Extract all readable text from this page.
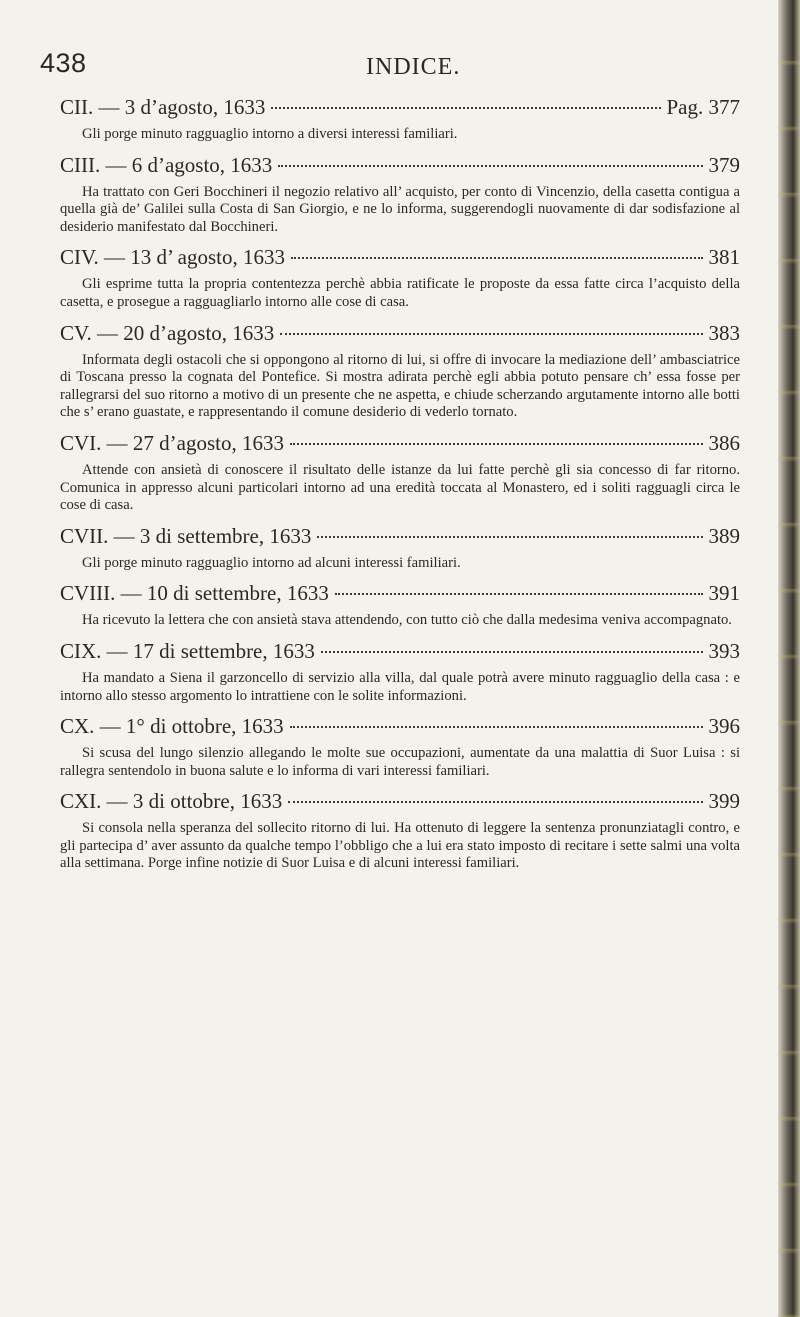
438	INDICE.
CII. — 3 d’agosto, 1633	Pag. 377

Gli porge minuto ragguaglio intorno a diversi interessi familiari.

CIII. — 6 d’agosto, 1633	379

Ha trattato con Geri Bocchineri il negozio relativo all’ acquisto, per conto di Vincenzio, della casetta contigua a quella già de’ Galilei sulla Costa di San Giorgio, e ne lo informa, suggerendogli nuovamente di dar sodisfazione al desiderio manifestato dal Bocchineri.

CIV. — 13 d’ agosto, 1633	381

Gli esprime tutta la propria contentezza perchè abbia ratificate le proposte da essa fatte circa l’acquisto della casetta, e prosegue a ragguagliarlo intorno alle cose di casa.

CV. — 20 d’agosto, 1633	383

Informata degli ostacoli che si oppongono al ritorno di lui, si offre di invocare la mediazione dell’ ambasciatrice di Toscana presso la cognata del Pontefice. Si mostra adirata perchè egli abbia potuto pensare ch’ essa fosse per rallegrarsi del suo ritorno a motivo di un presente che ne aspetta, e chiude scherzando argutamente intorno alle botti che s’ erano guastate, e rappresentando il comune desiderio di vederlo tornato.

CVI. — 27 d’agosto, 1633	386

Attende con ansietà di conoscere il risultato delle istanze da lui fatte perchè gli sia concesso di far ritorno. Comunica in appresso alcuni particolari intorno ad una eredità toccata al Monastero, ed i soliti ragguagli circa le cose di casa.

CVII. — 3 di settembre, 1633	389

Gli porge minuto ragguaglio intorno ad alcuni interessi familiari.

CVIII. — 10 di settembre, 1633	391

Ha ricevuto la lettera che con ansietà stava attendendo, con tutto ciò che dalla medesima veniva accompagnato.

CIX. — 17 di settembre, 1633	393

Ha mandato a Siena il garzoncello di servizio alla villa, dal quale potrà avere minuto ragguaglio della casa : e intorno allo stesso argomento lo intrattiene con le solite informazioni.

CX. — 1° di ottobre, 1633	396

Si scusa del lungo silenzio allegando le molte sue occupazioni, aumentate da una malattia di Suor Luisa : si rallegra sentendolo in buona salute e lo informa di vari interessi familiari.

CXI. — 3 di ottobre, 1633	399

Si consola nella speranza del sollecito ritorno di lui. Ha ottenuto di leggere la sentenza pronunziatagli contro, e gli partecipa d’ aver assunto da qualche tempo l’obbligo che a lui era stato imposto di recitare i sette salmi una volta alla settimana. Porge infine notizie di Suor Luisa e di alcuni interessi familiari.
